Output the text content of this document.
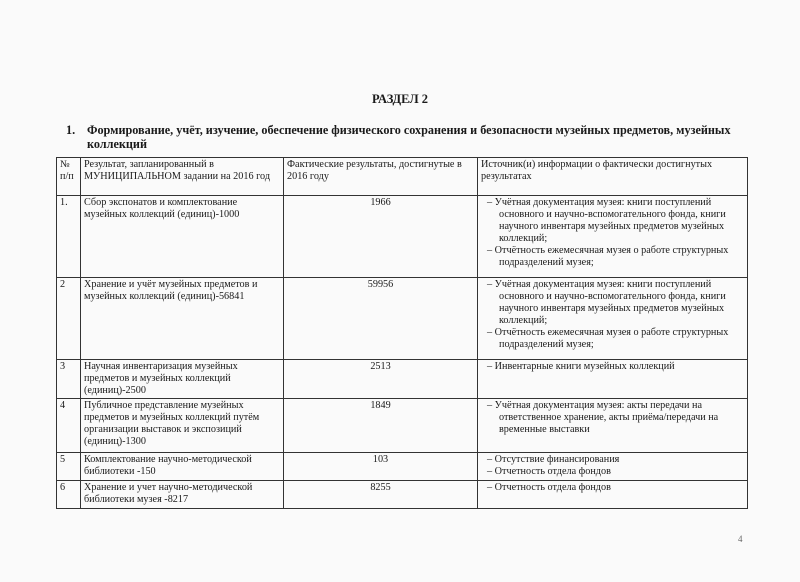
РАЗДЕЛ 2
1. Формирование, учёт, изучение, обеспечение физического сохранения и безопасности музейных предметов, музейных коллекций
№ п/п	Результат, запланированный в МУНИЦИПАЛЬНОМ задании на 2016 год	Фактические результаты, достигнутые в 2016 году	Источник(и) информации о фактически достигнутых результатах
1.	Сбор экспонатов и комплектование музейных коллекций (единиц)-1000	1966	– Учётная документация музея: книги поступлений основного и научно-вспомогательного фонда, книги научного инвентаря музейных предметов музейных коллекций;
– Отчётность ежемесячная музея о работе структурных подразделений музея;

2	Хранение и учёт музейных предметов и музейных коллекций (единиц)-56841	59956	– Учётная документация музея: книги поступлений основного и научно-вспомогательного фонда, книги научного инвентаря музейных предметов музейных коллекций;
– Отчётность ежемесячная музея о работе структурных подразделений музея;

3	Научная инвентаризация музейных предметов и музейных коллекций (единиц)-2500	2513	– Инвентарные книги музейных коллекций

4	Публичное представление музейных предметов и музейных коллекций путём организации выставок и экспозиций (единиц)-1300	1849	– Учётная документация музея: акты передачи на ответственное хранение, акты приёма/передачи на временные выставки

5	Комплектование научно-методической библиотеки -150	103	– Отсутствие финансирования
– Отчетность отдела фондов

6	Хранение и учет научно-методической библиотеки музея -8217	8255	– Отчетность отдела фондов
4
